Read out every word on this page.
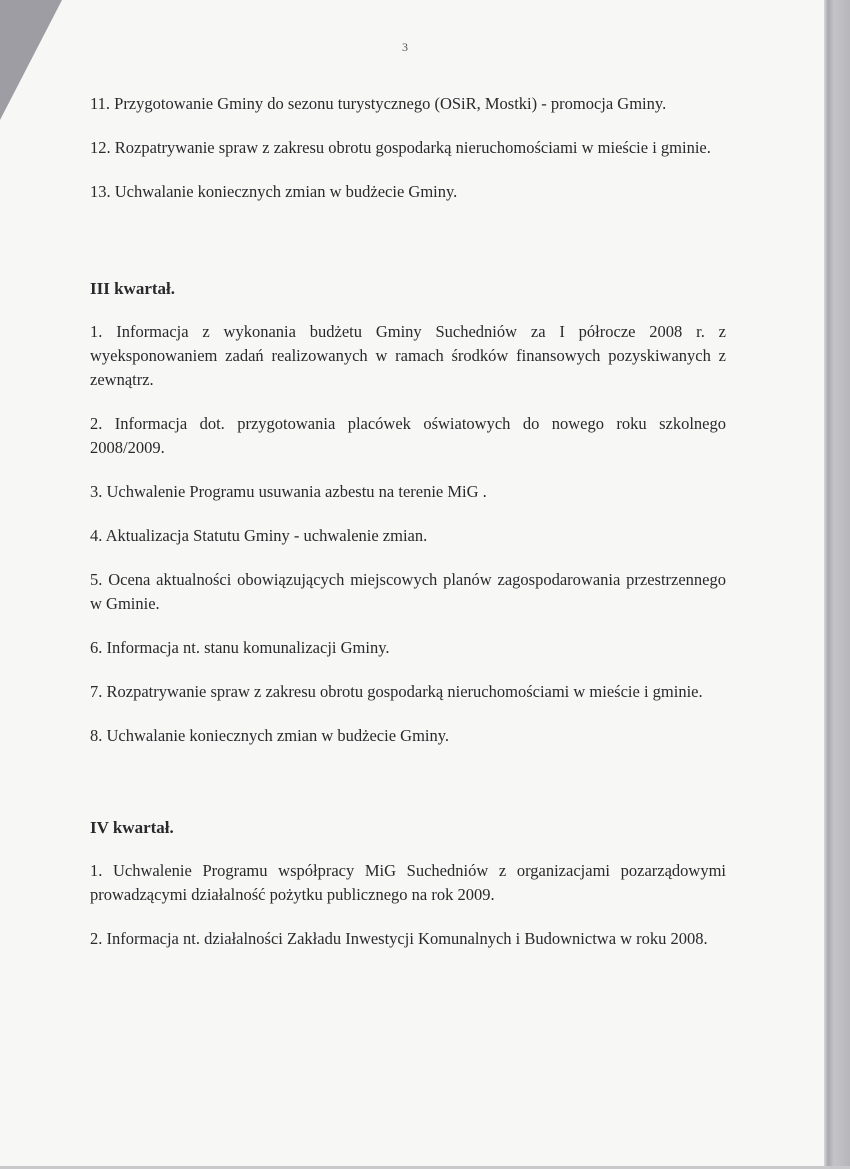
3

11. Przygotowanie Gminy do sezonu turystycznego (OSiR, Mostki) - promocja Gminy.

12. Rozpatrywanie spraw z zakresu obrotu gospodarką nieruchomościami w mieście i gminie.

13. Uchwalanie koniecznych zmian w budżecie Gminy.

III kwartał.

1. Informacja z wykonania budżetu Gminy Suchedniów za I półrocze 2008 r. z wyeksponowaniem zadań realizowanych w ramach środków finansowych pozyskiwanych z zewnątrz.

2. Informacja dot. przygotowania placówek oświatowych do nowego roku szkolnego 2008/2009.

3. Uchwalenie Programu usuwania azbestu na terenie MiG .

4. Aktualizacja Statutu Gminy - uchwalenie zmian.

5. Ocena aktualności obowiązujących miejscowych planów zagospodarowania przestrzennego w Gminie.

6. Informacja nt. stanu komunalizacji Gminy.

7. Rozpatrywanie spraw z zakresu obrotu gospodarką nieruchomościami w mieście i gminie.

8. Uchwalanie koniecznych zmian w budżecie Gminy.

IV kwartał.

1. Uchwalenie Programu współpracy MiG Suchedniów z organizacjami pozarządowymi prowadzącymi działalność pożytku publicznego na rok 2009.

2. Informacja nt. działalności Zakładu Inwestycji Komunalnych i Budownictwa w roku 2008.
